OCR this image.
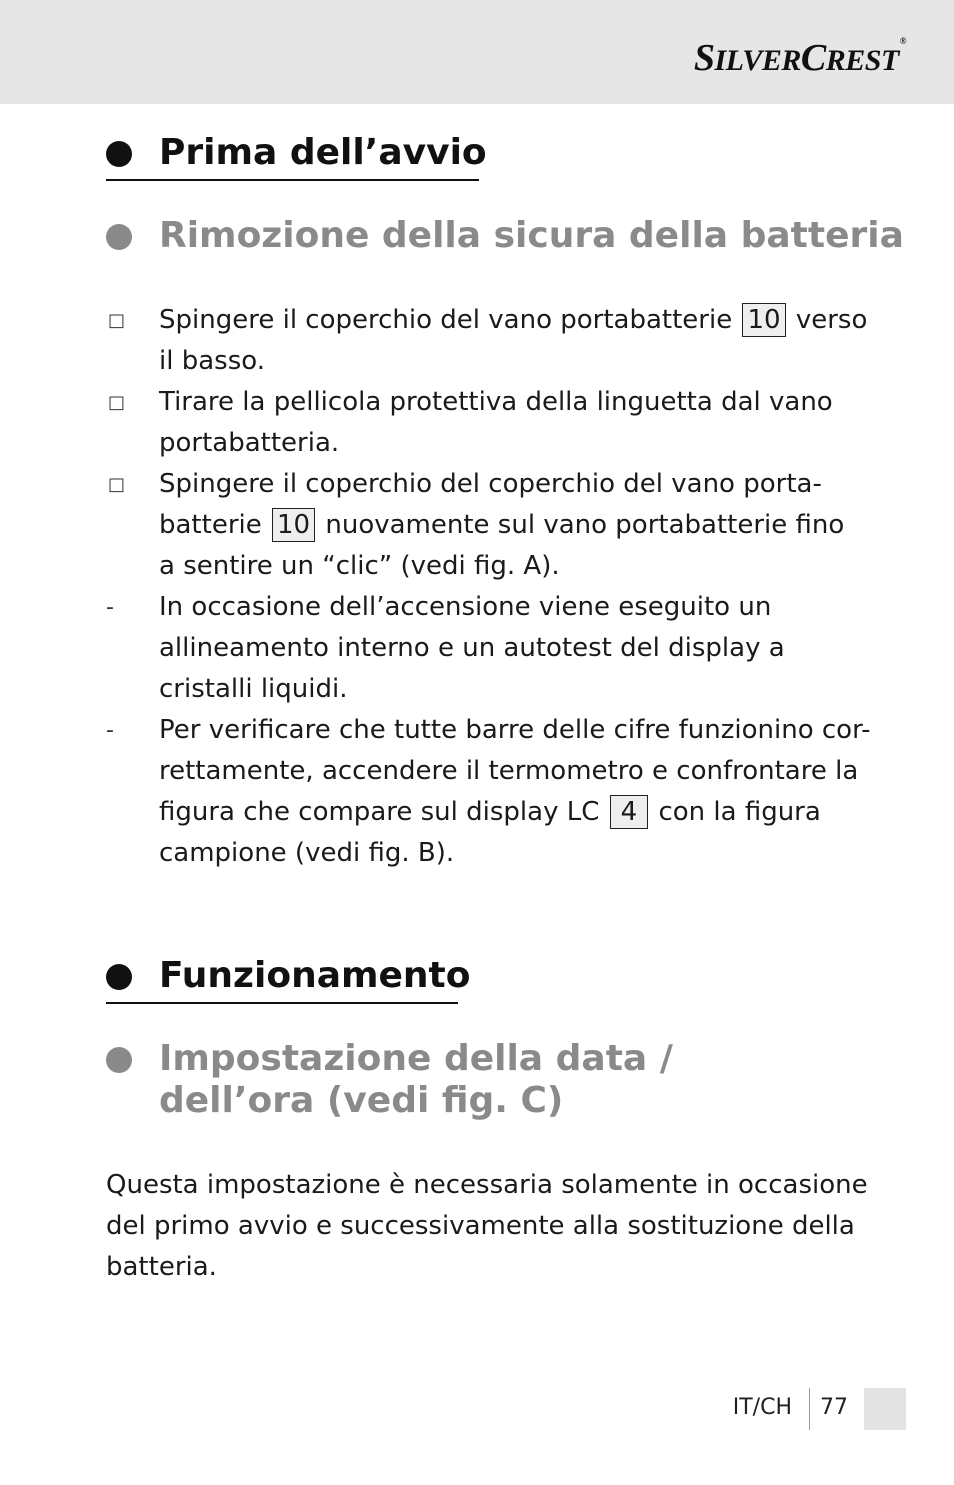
SILVERCREST®
Prima dell’avvio
Rimozione della sicura della batteria
□ Spingere il coperchio del vano portabatterie 10 verso
il basso.
□ Tirare la pellicola protettiva della linguetta dal vano
portabatteria.
□ Spingere il coperchio del coperchio del vano porta-
batterie 10 nuovamente sul vano portabatterie fino
a sentire un “clic” (vedi fig. A).
- In occasione dell’accensione viene eseguito un
allineamento interno e un autotest del display a
cristalli liquidi.
- Per verificare che tutte barre delle cifre funzionino cor-
rettamente, accendere il termometro e confrontare la
figura che compare sul display LC 4 con la figura
campione (vedi fig. B).
Funzionamento
Impostazione della data /
dell’ora (vedi fig. C)
Questa impostazione è necessaria solamente in occasione
del primo avvio e successivamente alla sostituzione della
batteria.
IT/CH 77
